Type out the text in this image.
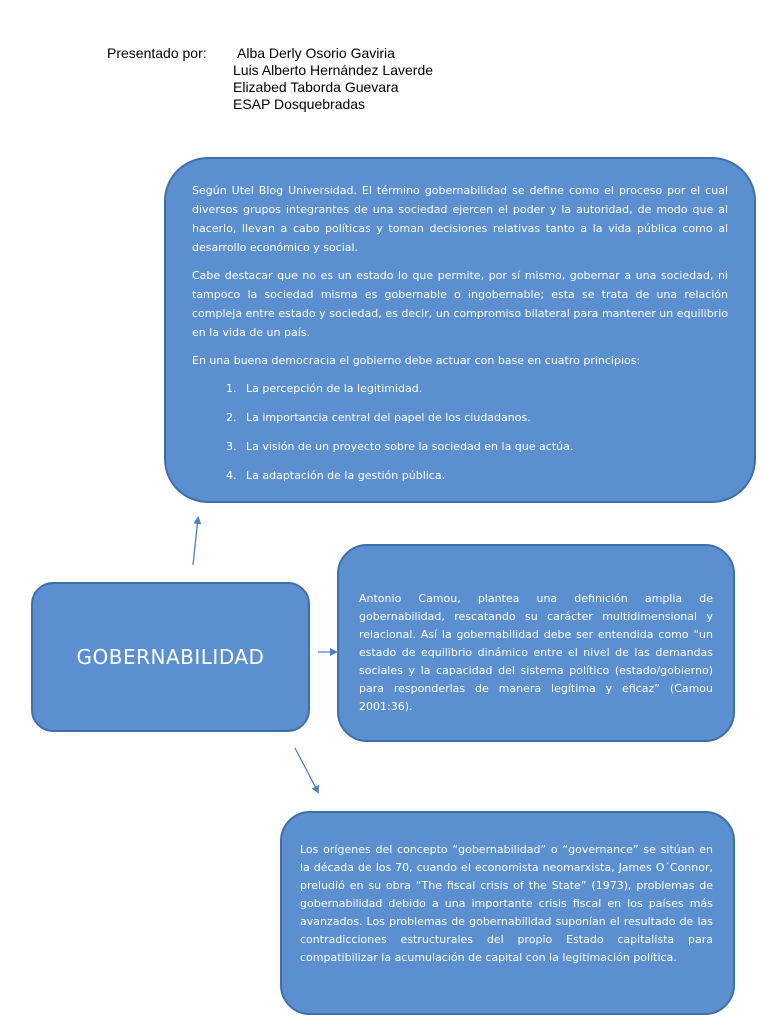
Presentado por: Alba Derly Osorio Gaviria
Luis Alberto Hernández Laverde
Elizabed Taborda Guevara
ESAP Dosquebradas

Según Utel Blog Universidad. El término gobernabilidad se define como el proceso por el cual diversos grupos integrantes de una sociedad ejercen el poder y la autoridad, de modo que al hacerlo, llevan a cabo políticas y toman decisiones relativas tanto a la vida pública como al desarrollo económico y social.

Cabe destacar que no es un estado lo que permite, por sí mismo, gobernar a una sociedad, ni tampoco la sociedad misma es gobernable o ingobernable; esta se trata de una relación compleja entre estado y sociedad, es decir, un compromiso bilateral para mantener un equilibrio en la vida de un país.

En una buena democracia el gobierno debe actuar con base en cuatro principios:

1. La percepción de la legitimidad.
2. La importancia central del papel de los ciudadanos.
3. La visión de un proyecto sobre la sociedad en la que actúa.
4. La adaptación de la gestión pública.
GOBERNABILIDAD

Antonio Camou, plantea una definición amplia de gobernabilidad, rescatando su carácter multidimensional y relacional. Así la gobernabilidad debe ser entendida como “un estado de equilibrio dinámico entre el nivel de las demandas sociales y la capacidad del sistema político (estado/gobierno) para responderlas de manera legítima y eficaz” (Camou 2001:36).

Los orígenes del concepto “gobernabilidad” o “governance” se sitúan en la década de los 70, cuando el economista neomarxista, James O´Connor, preludió en su obra “The fiscal crisis of the State” (1973), problemas de gobernabilidad debido a una importante crisis fiscal en los países más avanzados. Los problemas de gobernabilidad suponían el resultado de las contradicciones estructurales del propio Estado capitalista para compatibilizar la acumulación de capital con la legitimación política.
